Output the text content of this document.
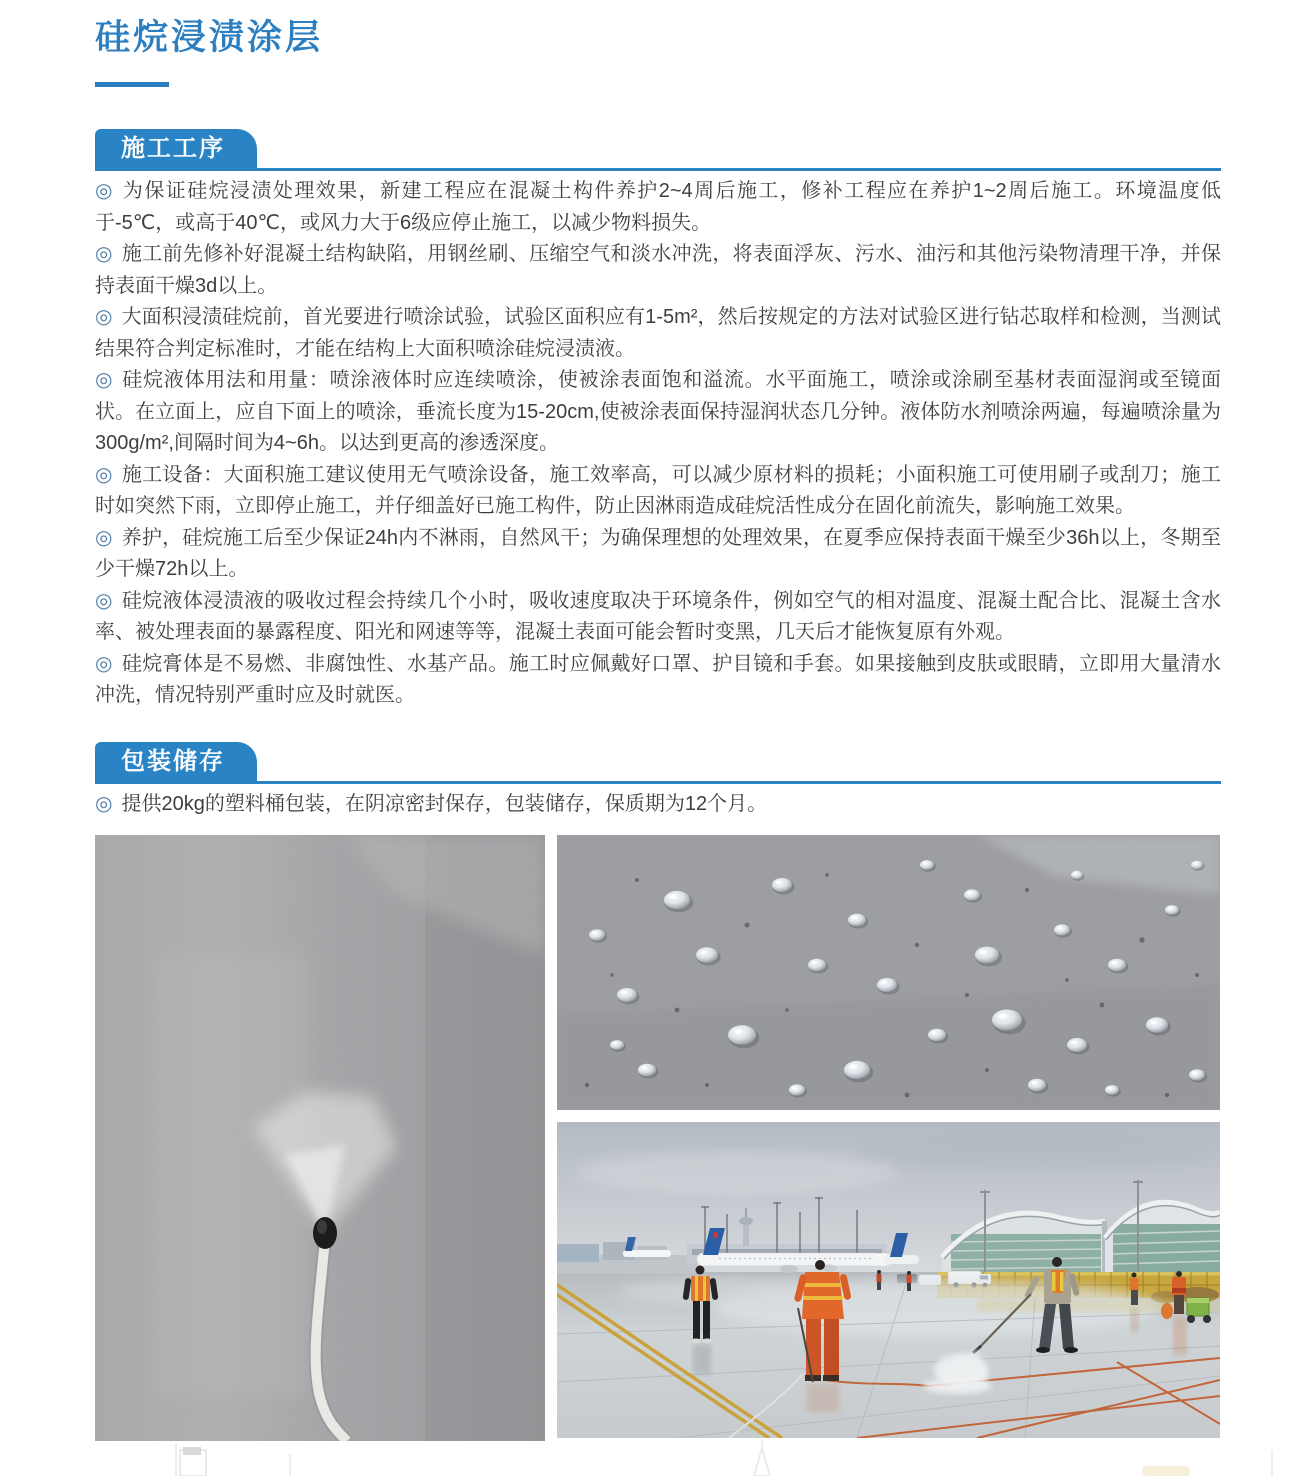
硅烷浸渍涂层
施工工序

◎ 为保证硅烷浸渍处理效果，新建工程应在混凝土构件养护2~4周后施工，修补工程应在养护1~2周后施工。环境温度低于-5℃，或高于40℃，或风力大于6级应停止施工，以减少物料损失。

◎ 施工前先修补好混凝土结构缺陷，用钢丝刷、压缩空气和淡水冲洗，将表面浮灰、污水、油污和其他污染物清理干净，并保持表面干燥3d以上。

◎ 大面积浸渍硅烷前，首光要进行喷涂试验，试验区面积应有1-5m²，然后按规定的方法对试验区进行钻芯取样和检测，当测试结果符合判定标准时，才能在结构上大面积喷涂硅烷浸渍液。

◎ 硅烷液体用法和用量：喷涂液体时应连续喷涂，使被涂表面饱和溢流。水平面施工，喷涂或涂刷至基材表面湿润或至镜面状。在立面上，应自下面上的喷涂，垂流长度为15-20cm,使被涂表面保持湿润状态几分钟。液体防水剂喷涂两遍，每遍喷涂量为300g/m²,间隔时间为4~6h。以达到更高的渗透深度。

◎ 施工设备：大面积施工建议使用无气喷涂设备，施工效率高，可以减少原材料的损耗；小面积施工可使用刷子或刮刀；施工时如突然下雨，立即停止施工，并仔细盖好已施工构件，防止因淋雨造成硅烷活性成分在固化前流失，影响施工效果。

◎ 养护，硅烷施工后至少保证24h内不淋雨，自然风干；为确保理想的处理效果，在夏季应保持表面干燥至少36h以上，冬期至少干燥72h以上。

◎ 硅烷液体浸渍液的吸收过程会持续几个小时，吸收速度取决于环境条件，例如空气的相对温度、混凝土配合比、混凝土含水率、被处理表面的暴露程度、阳光和网速等等，混凝土表面可能会暂时变黑，几天后才能恢复原有外观。

◎ 硅烷膏体是不易燃、非腐蚀性、水基产品。施工时应佩戴好口罩、护目镜和手套。如果接触到皮肤或眼睛，立即用大量清水冲洗，情况特别严重时应及时就医。

包装储存

◎ 提供20kg的塑料桶包装，在阴凉密封保存，包装储存，保质期为12个月。
